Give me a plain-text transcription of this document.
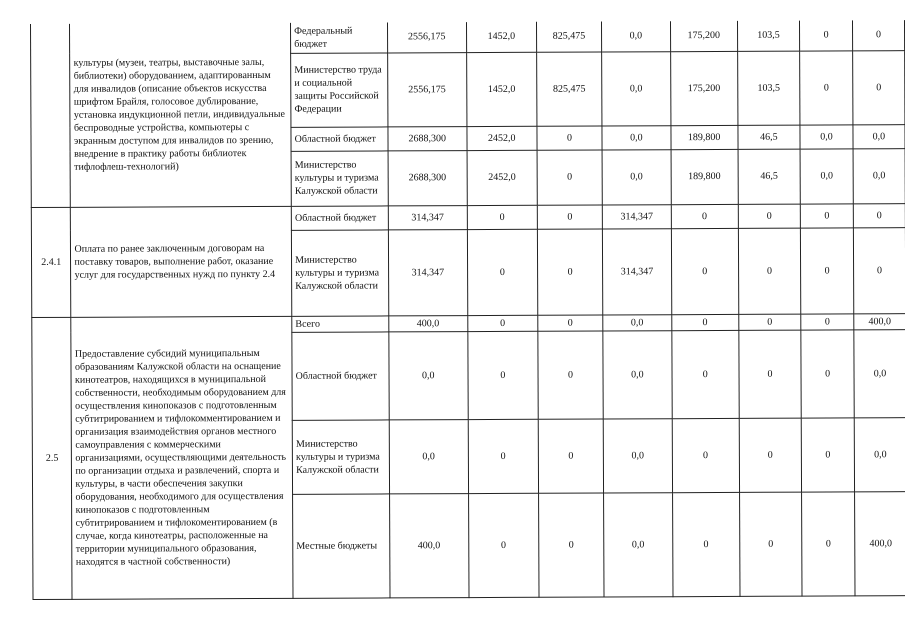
	культуры (музеи, театры, выставочные залы, библиотеки) оборудованием, адаптированным для инвалидов (описание объектов искусства шрифтом Брайля, голосовое дублирование, установка индукционной петли, индивидуальные беспроводные устройства, компьютеры с экранным доступом для инвалидов по зрению, внедрение в практику работы библиотек тифлофлеш-технологий)	Федеральный бюджет	2556,175	1452,0	825,475	0,0	175,200	103,5	0	0
		Министерство труда и социальной защиты Российской Федерации	2556,175	1452,0	825,475	0,0	175,200	103,5	0	0
		Областной бюджет	2688,300	2452,0	0	0,0	189,800	46,5	0,0	0,0
		Министерство культуры и туризма Калужской области	2688,300	2452,0	0	0,0	189,800	46,5	0,0	0,0
2.4.1	Оплата по ранее заключенным договорам на поставку товаров, выполнение работ, оказание услуг для государственных нужд по пункту 2.4	Областной бюджет	314,347	0	0	314,347	0	0	0	0
		Министерство культуры и туризма Калужской области	314,347	0	0	314,347	0	0	0	0
2.5	Предоставление субсидий муниципальным образованиям Калужской области на оснащение кинотеатров, находящихся в муниципальной собственности, необходимым оборудованием для осуществления кинопоказов с подготовленным субтитрированием и тифлокомментированием и организация взаимодействия органов местного самоуправления с коммерческими организациями, осуществляющими деятельность по организации отдыха и развлечений, спорта и культуры, в части обеспечения закупки оборудования, необходимого для осуществления кинопоказов с подготовленным субтитрированием и тифлокоментированием (в случае, когда кинотеатры, расположенные на территории муниципального образования, находятся в частной собственности)	Всего	400,0	0	0	0,0	0	0	0	400,0
		Областной бюджет	0,0	0	0	0,0	0	0	0	0,0
		Министерство культуры и туризма Калужской области	0,0	0	0	0,0	0	0	0	0,0
		Местные бюджеты	400,0	0	0	0,0	0	0	0	400,0
